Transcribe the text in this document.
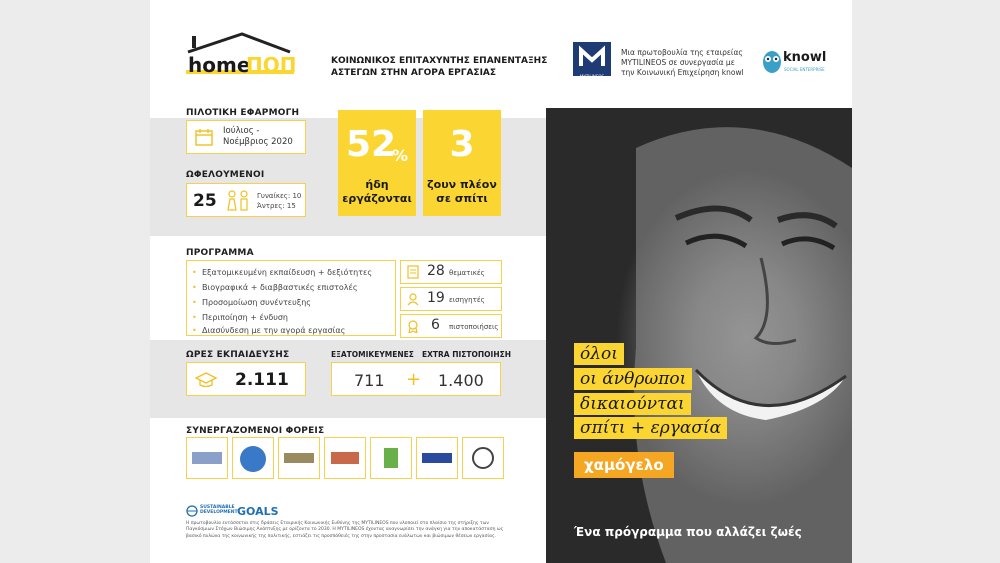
home
ΠΟΠ	ΚΟΙΝΩΝΙΚΟΣ ΕΠΙΤΑΧΥΝΤΗΣ ΕΠΑΝΕΝΤΑΞΗΣ
ΑΣΤΕΓΩΝ ΣΤΗΝ ΑΓΟΡΑ ΕΡΓΑΣΙΑΣ	MYTILINEOS
Μια πρωτοβουλία της εταιρείας
MYTILINEOS σε συνεργασία με
την Κοινωνική Επιχείρηση knowl
knowl
SOCIAL ENTERPRISE
ΠΙΛΟΤΙΚΗ ΕΦΑΡΜΟΓΗ
Ιούλιος -
Νοέμβριος 2020 52
%
ήδη
εργάζονται
3
ζουν πλέον
σε σπίτι
ΩΦΕΛΟΥΜΕΝΟΙ
25	Γυναίκες: 10
Άντρες: 15
ΠΡΟΓΡΑΜΜΑ
• Εξατομικευμένη εκπαίδευση + δεξιότητες
• Βιογραφικά + διαββαστικές επιστολές
• Προσομοίωση συνέντευξης
• Περιποίηση + ένδυση
• Διασύνδεση με την αγορά εργασίας
28 θεματικές
19 εισηγητές
6 πιστοποιήσεις
ΩΡΕΣ ΕΚΠΑΙΔΕΥΣΗΣ
2.111
ΕΞΑΤΟΜΙΚΕΥΜΕΝΕΣ EXTRA ΠΙΣΤΟΠΟΙΗΣΗ
711 + 1.400
ΣΥΝΕΡΓΑΖΟΜΕΝΟΙ ΦΟΡΕΙΣ
SUSTAINABLE
DEVELOPMENT GOALS
Η πρωτοβουλία εντάσσεται στις δράσεις Εταιρικής Κοινωνικής Ευθύνης της MYTILINEOS που υλοποιεί στο πλαίσιο της στήριξης των Παγκόσμιων Στόχων Βιώσιμης Ανάπτυξης με ορίζοντα το 2030. Η MYTILINEOS έχοντας αναγνωρίσει την ανάγκη για την αποκατάσταση ως βασικό πυλώνα της κοινωνικής της πολιτικής, εστιάζει τις προσπάθειές της στην προστασία ευάλωτων και βιώσιμων θέσεων εργασίας.
όλοι
οι άνθρωποι
δικαιούνται
σπίτι + εργασία
χαμόγελο
Ένα πρόγραμμα που αλλάζει ζωές
